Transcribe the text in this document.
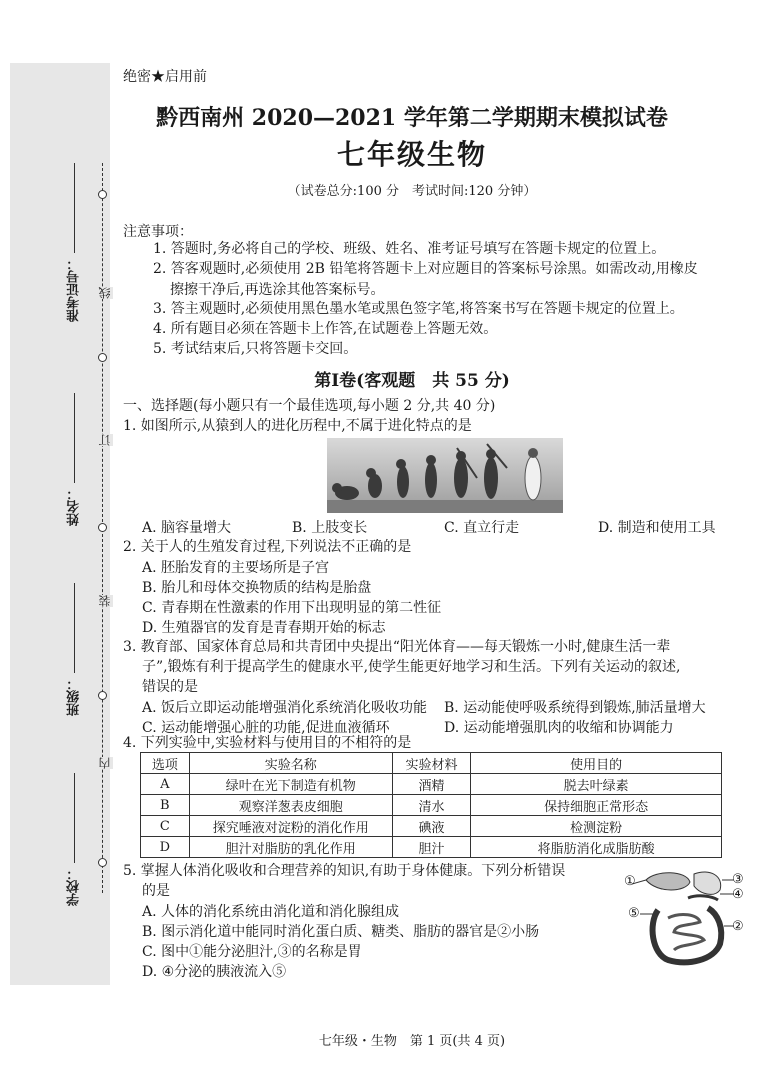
线
订
装
内
准考证号：
姓名：
班级：
学校：
绝密★启用前
黔西南州 2020—2021 学年第二学期期末模拟试卷
七年级生物
（试卷总分:100 分　考试时间:120 分钟）
注意事项：
1. 答题时,务必将自己的学校、班级、姓名、准考证号填写在答题卡规定的位置上。
2. 答客观题时,必须使用 2B 铅笔将答题卡上对应题目的答案标号涂黑。如需改动,用橡皮
擦擦干净后,再选涂其他答案标号。
3. 答主观题时,必须使用黑色墨水笔或黑色签字笔,将答案书写在答题卡规定的位置上。
4. 所有题目必须在答题卡上作答,在试题卷上答题无效。
5. 考试结束后,只将答题卡交回。
第Ⅰ卷(客观题　共 55 分)
一、选择题(每小题只有一个最佳选项,每小题 2 分,共 40 分)
1. 如图所示,从猿到人的进化历程中,不属于进化特点的是
A. 脑容量增大	B. 上肢变长	C. 直立行走	D. 制造和使用工具
2. 关于人的生殖发育过程,下列说法不正确的是
A. 胚胎发育的主要场所是子宫
B. 胎儿和母体交换物质的结构是胎盘
C. 青春期在性激素的作用下出现明显的第二性征
D. 生殖器官的发育是青春期开始的标志
3. 教育部、国家体育总局和共青团中央提出“阳光体育——每天锻炼一小时,健康生活一辈
子”,锻炼有利于提高学生的健康水平,使学生能更好地学习和生活。下列有关运动的叙述,
错误的是
A. 饭后立即运动能增强消化系统消化吸收功能 B. 运动能使呼吸系统得到锻炼,肺活量增大
C. 运动能增强心脏的功能,促进血液循环	D. 运动能增强肌肉的收缩和协调能力
4. 下列实验中,实验材料与使用目的不相符的是
选项	实验名称	实验材料	使用目的
A	绿叶在光下制造有机物	酒精	脱去叶绿素
B	观察洋葱表皮细胞	清水	保持细胞正常形态
C	探究唾液对淀粉的消化作用	碘液	检测淀粉
D	胆汁对脂肪的乳化作用	胆汁	将脂肪消化成脂肪酸
5. 掌握人体消化吸收和合理营养的知识,有助于身体健康。下列分析错误
的是
A. 人体的消化系统由消化道和消化腺组成
B. 图示消化道中能同时消化蛋白质、糖类、脂肪的器官是②小肠
C. 图中①能分泌胆汁,③的名称是胃
D. ④分泌的胰液流入⑤
①
②
③
④
⑤
七年级・生物　第 1 页(共 4 页)
